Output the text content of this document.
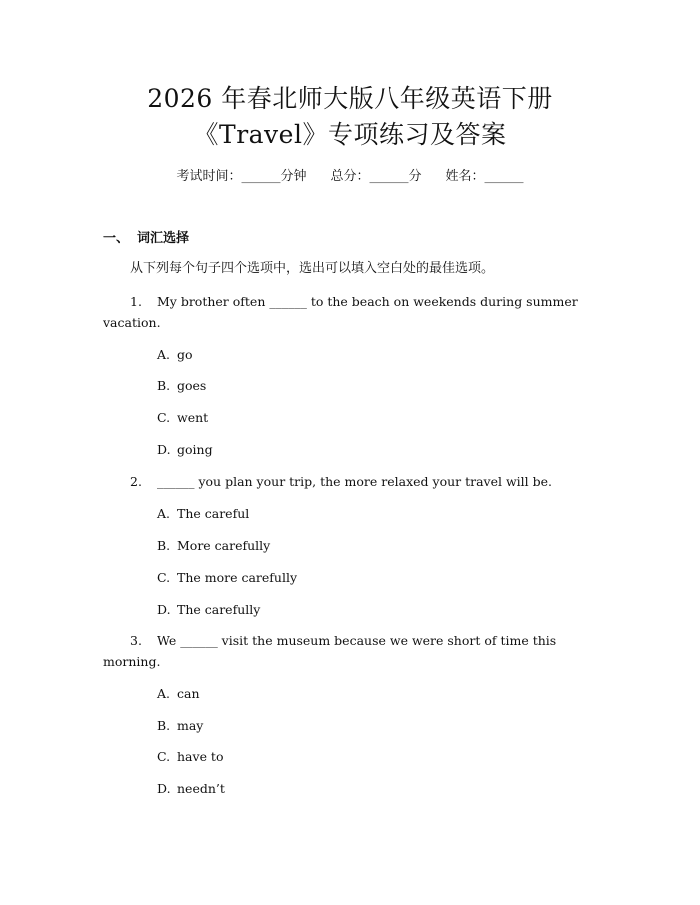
2026 年春北师大版八年级英语下册
《Travel》专项练习及答案
考试时间：______分钟 总分：______分 姓名：______
一、 词汇选择
从下列每个句子四个选项中，选出可以填入空白处的最佳选项。
1. My brother often ______ to the beach on weekends during summer
vacation.
A. go
B. goes
C. went
D. going
2. ______ you plan your trip, the more relaxed your travel will be.
A. The careful
B. More carefully
C. The more carefully
D. The carefully
3. We ______ visit the museum because we were short of time this
morning.
A. can
B. may
C. have to
D. needn’t
